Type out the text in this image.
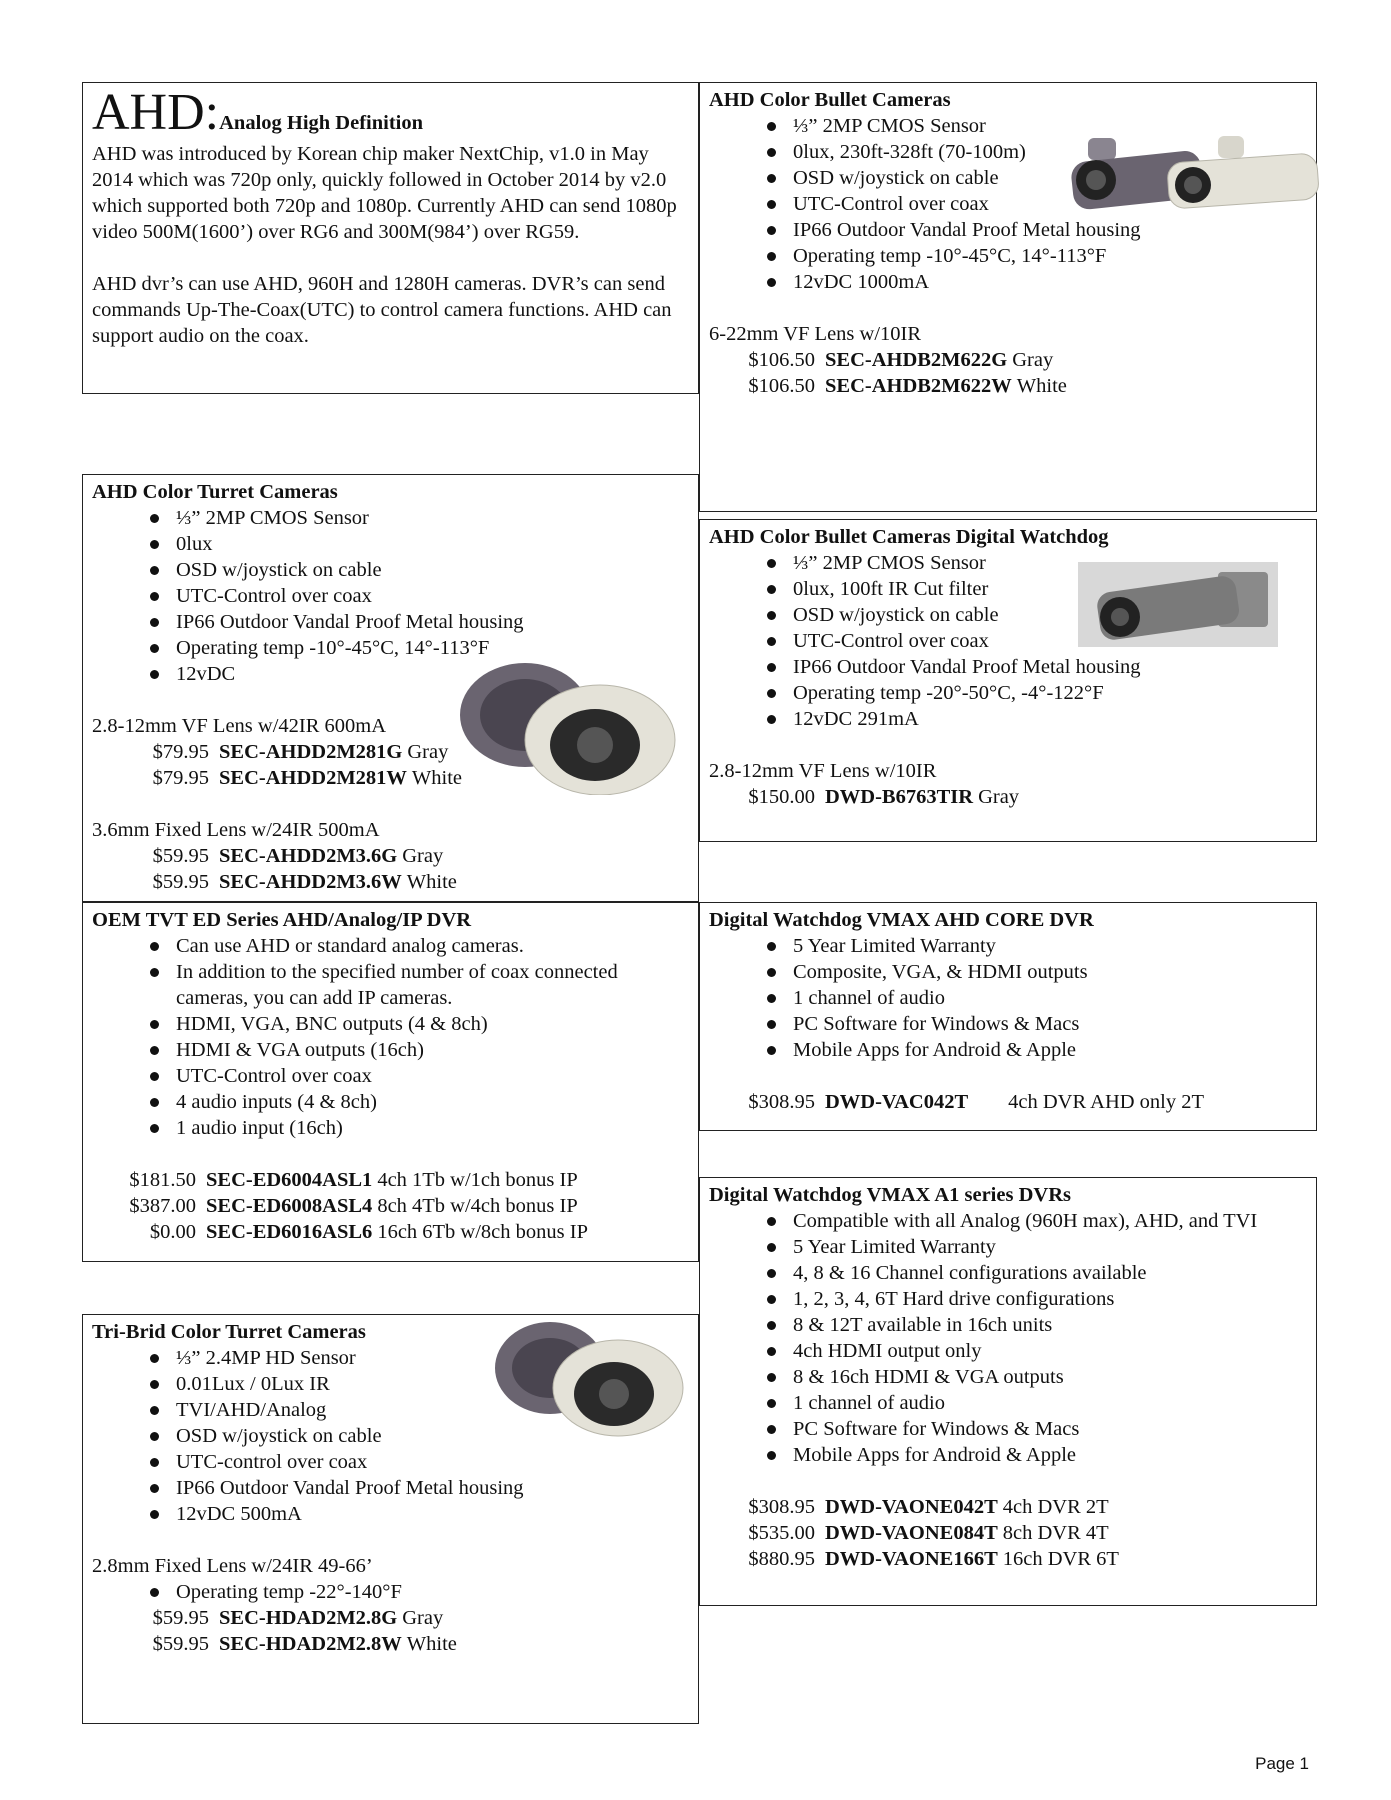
AHD:Analog High Definition

AHD was introduced by Korean chip maker NextChip, v1.0 in May 2014 which was 720p only, quickly followed in October 2014 by v2.0 which supported both 720p and 1080p. Currently AHD can send 1080p video 500M(1600’) over RG6 and 300M(984’) over RG59.

AHD dvr’s can use AHD, 960H and 1280H cameras. DVR’s can send commands Up-The-Coax(UTC) to control camera functions. AHD can support audio on the coax.

AHD Color Bullet Cameras
⅓” 2MP CMOS Sensor
0lux, 230ft-328ft (70-100m)
OSD w/joystick on cable
UTC-Control over coax
IP66 Outdoor Vandal Proof Metal housing
Operating temp -10°-45°C, 14°-113°F
12vDC 1000mA

6-22mm VF Lens w/10IR

$106.50 SEC-AHDB2M622G Gray
$106.50 SEC-AHDB2M622W White
AHD Color Turret Cameras
⅓” 2MP CMOS Sensor
0lux
OSD w/joystick on cable
UTC-Control over coax
IP66 Outdoor Vandal Proof Metal housing
Operating temp -10°-45°C, 14°-113°F
12vDC

2.8-12mm VF Lens w/42IR 600mA

$79.95 SEC-AHDD2M281G Gray
$79.95 SEC-AHDD2M281W White

3.6mm Fixed Lens w/24IR 500mA

$59.95 SEC-AHDD2M3.6G Gray
$59.95 SEC-AHDD2M3.6W White
AHD Color Bullet Cameras Digital Watchdog
⅓” 2MP CMOS Sensor
0lux, 100ft IR Cut filter
OSD w/joystick on cable
UTC-Control over coax
IP66 Outdoor Vandal Proof Metal housing
Operating temp -20°-50°C, -4°-122°F
12vDC 291mA

2.8-12mm VF Lens w/10IR

$150.00 DWD-B6763TIR Gray
OEM TVT ED Series AHD/Analog/IP DVR
Can use AHD or standard analog cameras.
In addition to the specified number of coax connected cameras, you can add IP cameras.
HDMI, VGA, BNC outputs (4 & 8ch)
HDMI & VGA outputs (16ch)
UTC-Control over coax
4 audio inputs (4 & 8ch)
1 audio input (16ch)
$181.50 SEC-ED6004ASL1 4ch 1Tb w/1ch bonus IP
$387.00 SEC-ED6008ASL4 8ch 4Tb w/4ch bonus IP
$0.00 SEC-ED6016ASL6 16ch 6Tb w/8ch bonus IP
Digital Watchdog VMAX AHD CORE DVR
5 Year Limited Warranty
Composite, VGA, & HDMI outputs
1 channel of audio
PC Software for Windows & Macs
Mobile Apps for Android & Apple
$308.95 DWD-VAC042T 4ch DVR AHD only 2T
Tri-Brid Color Turret Cameras
⅓” 2.4MP HD Sensor
0.01Lux / 0Lux IR
TVI/AHD/Analog
OSD w/joystick on cable
UTC-control over coax
IP66 Outdoor Vandal Proof Metal housing
12vDC 500mA

2.8mm Fixed Lens w/24IR 49-66’

Operating temp -22°-140°F
$59.95 SEC-HDAD2M2.8G Gray
$59.95 SEC-HDAD2M2.8W White
Digital Watchdog VMAX A1 series DVRs
Compatible with all Analog (960H max), AHD, and TVI
5 Year Limited Warranty
4, 8 & 16 Channel configurations available
1, 2, 3, 4, 6T Hard drive configurations
8 & 12T available in 16ch units
4ch HDMI output only
8 & 16ch HDMI & VGA outputs
1 channel of audio
PC Software for Windows & Macs
Mobile Apps for Android & Apple
$308.95 DWD-VAONE042T 4ch DVR 2T
$535.00 DWD-VAONE084T 8ch DVR 4T
$880.95 DWD-VAONE166T 16ch DVR 6T
Page 1
